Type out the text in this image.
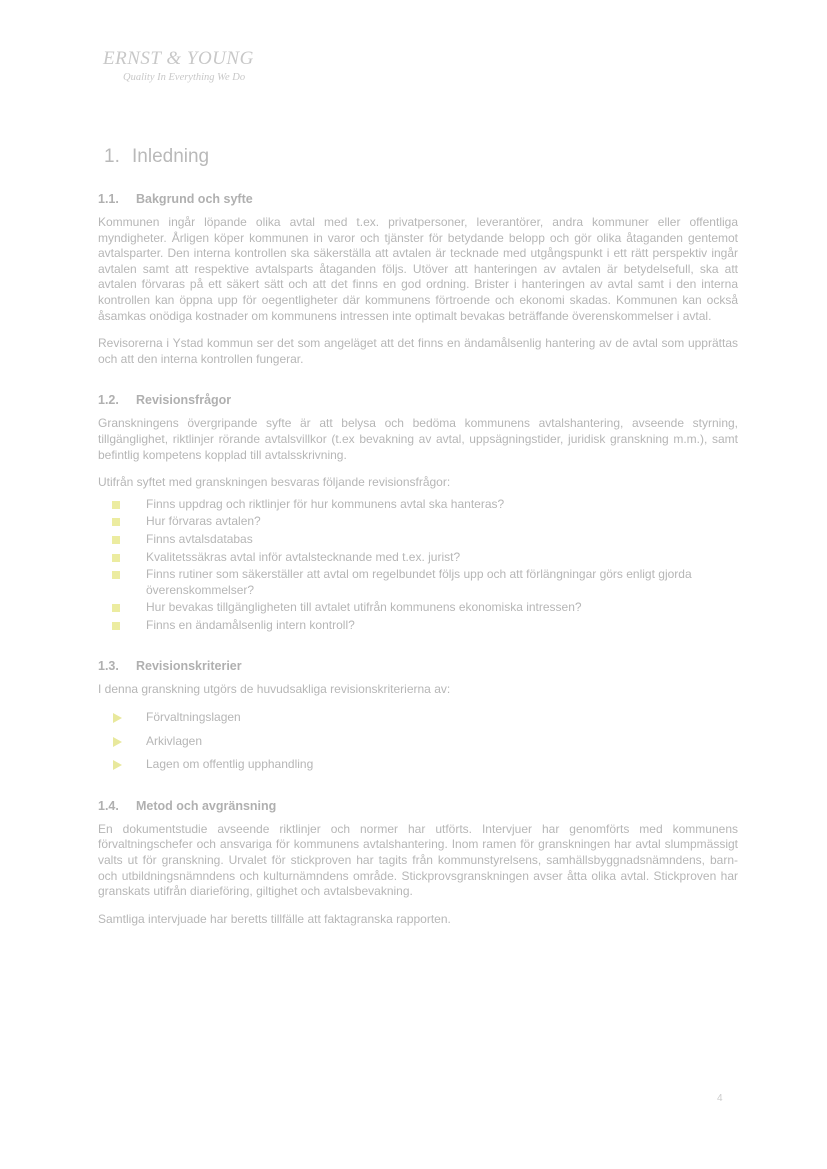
ERNST & YOUNG
Quality In Everything We Do
1. Inledning
1.1. Bakgrund och syfte

Kommunen ingår löpande olika avtal med t.ex. privatpersoner, leverantörer, andra kommuner eller offentliga myndigheter. Årligen köper kommunen in varor och tjänster för betydande belopp och gör olika åtaganden gentemot avtalsparter. Den interna kontrollen ska säkerställa att avtalen är tecknade med utgångspunkt i ett rätt perspektiv ingår avtalen samt att respektive avtalsparts åtaganden följs. Utöver att hanteringen av avtalen är betydelsefull, ska att avtalen förvaras på ett säkert sätt och att det finns en god ordning. Brister i hanteringen av avtal samt i den interna kontrollen kan öppna upp för oegentligheter där kommunens förtroende och ekonomi skadas. Kommunen kan också åsamkas onödiga kostnader om kommunens intressen inte optimalt bevakas beträffande överenskommelser i avtal.

Revisorerna i Ystad kommun ser det som angeläget att det finns en ändamålsenlig hantering av de avtal som upprättas och att den interna kontrollen fungerar.

1.2. Revisionsfrågor

Granskningens övergripande syfte är att belysa och bedöma kommunens avtalshantering, avseende styrning, tillgänglighet, riktlinjer rörande avtalsvillkor (t.ex bevakning av avtal, uppsägningstider, juridisk granskning m.m.), samt befintlig kompetens kopplad till avtalsskrivning.

Utifrån syftet med granskningen besvaras följande revisionsfrågor:

Finns uppdrag och riktlinjer för hur kommunens avtal ska hanteras?
Hur förvaras avtalen?
Finns avtalsdatabas
Kvalitetssäkras avtal inför avtalstecknande med t.ex. jurist?
Finns rutiner som säkerställer att avtal om regelbundet följs upp och att förlängningar görs enligt gjorda överenskommelser?
Hur bevakas tillgängligheten till avtalet utifrån kommunens ekonomiska intressen?
Finns en ändamålsenlig intern kontroll?
1.3. Revisionskriterier

I denna granskning utgörs de huvudsakliga revisionskriterierna av:

Förvaltningslagen
Arkivlagen
Lagen om offentlig upphandling
1.4. Metod och avgränsning

En dokumentstudie avseende riktlinjer och normer har utförts. Intervjuer har genomförts med kommunens förvaltningschefer och ansvariga för kommunens avtalshantering. Inom ramen för granskningen har avtal slumpmässigt valts ut för granskning. Urvalet för stickproven har tagits från kommunstyrelsens, samhällsbyggnadsnämndens, barn- och utbildningsnämndens och kulturnämndens område. Stickprovsgranskningen avser åtta olika avtal. Stickproven har granskats utifrån diarieföring, giltighet och avtalsbevakning.

Samtliga intervjuade har beretts tillfälle att faktagranska rapporten.

4
